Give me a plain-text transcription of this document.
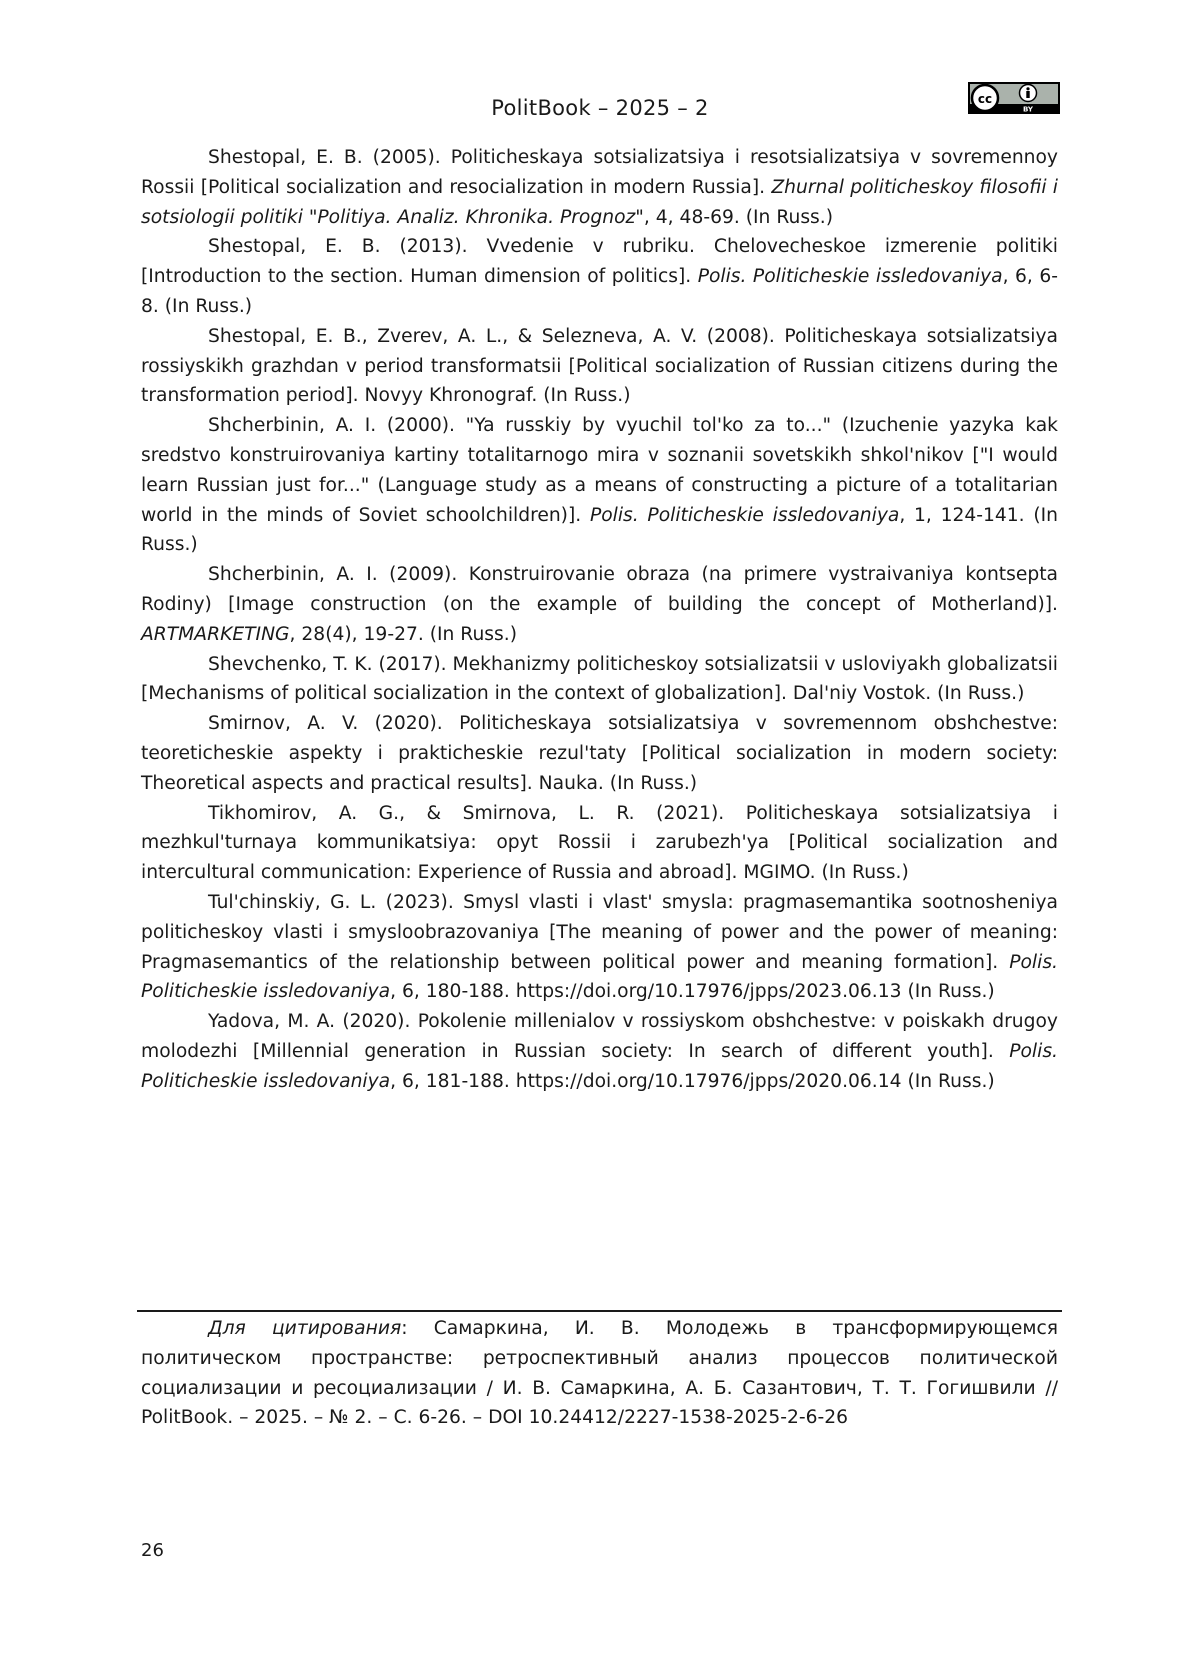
PolitBook – 2025 – 2	cc
BY

Shestopal, E. B. (2005). Politicheskaya sotsializatsiya i resotsializatsiya v sovremennoy Rossii [Political socialization and resocialization in modern Russia]. Zhurnal politicheskoy filosofii i sotsiologii politiki "Politiya. Analiz. Khronika. Prognoz", 4, 48-69. (In Russ.)

Shestopal, E. B. (2013). Vvedenie v rubriku. Chelovecheskoe izmerenie politiki [Introduction to the section. Human dimension of politics]. Polis. Politicheskie issledovaniya, 6, 6-8. (In Russ.)

Shestopal, E. B., Zverev, A. L., & Selezneva, A. V. (2008). Politicheskaya sotsializatsiya rossiyskikh grazhdan v period transformatsii [Political socialization of Russian citizens during the transformation period]. Novyy Khronograf. (In Russ.)

Shcherbinin, A. I. (2000). "Ya russkiy by vyuchil tol'ko za to..." (Izuchenie yazyka kak sredstvo konstruirovaniya kartiny totalitarnogo mira v soznanii sovetskikh shkol'nikov ["I would learn Russian just for..." (Language study as a means of constructing a picture of a totalitarian world in the minds of Soviet schoolchildren)]. Polis. Politicheskie issledovaniya, 1, 124-141. (In Russ.)

Shcherbinin, A. I. (2009). Konstruirovanie obraza (na primere vystraivaniya kontsepta Rodiny) [Image construction (on the example of building the concept of Motherland)]. ARTMARKETING, 28(4), 19-27. (In Russ.)

Shevchenko, T. K. (2017). Mekhanizmy politicheskoy sotsializatsii v usloviyakh globalizatsii [Mechanisms of political socialization in the context of globalization]. Dal'niy Vostok. (In Russ.)

Smirnov, A. V. (2020). Politicheskaya sotsializatsiya v sovremennom obshchestve: teoreticheskie aspekty i prakticheskie rezul'taty [Political socialization in modern society: Theoretical aspects and practical results]. Nauka. (In Russ.)

Tikhomirov, A. G., & Smirnova, L. R. (2021). Politicheskaya sotsializatsiya i mezhkul'turnaya kommunikatsiya: opyt Rossii i zarubezh'ya [Political socialization and intercultural communication: Experience of Russia and abroad]. MGIMO. (In Russ.)

Tul'chinskiy, G. L. (2023). Smysl vlasti i vlast' smysla: pragmasemantika sootnosheniya politicheskoy vlasti i smysloobrazovaniya [The meaning of power and the power of meaning: Pragmasemantics of the relationship between political power and meaning formation]. Polis. Politicheskie issledovaniya, 6, 180-188. https://doi.org/10.17976/jpps/2023.06.13 (In Russ.)

Yadova, M. A. (2020). Pokolenie millenialov v rossiyskom obshchestve: v poiskakh drugoy molodezhi [Millennial generation in Russian society: In search of different youth]. Polis. Politicheskie issledovaniya, 6, 181-188. https://doi.org/10.17976/jpps/2020.06.14 (In Russ.)

Для цитирования: Самаркина, И. В. Молодежь в трансформирующемся политическом пространстве: ретроспективный анализ процессов политической социализации и ресоциализации / И. В. Самаркина, А. Б. Сазантович, Т. Т. Гогишвили // PolitBook. – 2025. – № 2. – С. 6-26. – DOI 10.24412/2227-1538-2025-2-6-26

26
